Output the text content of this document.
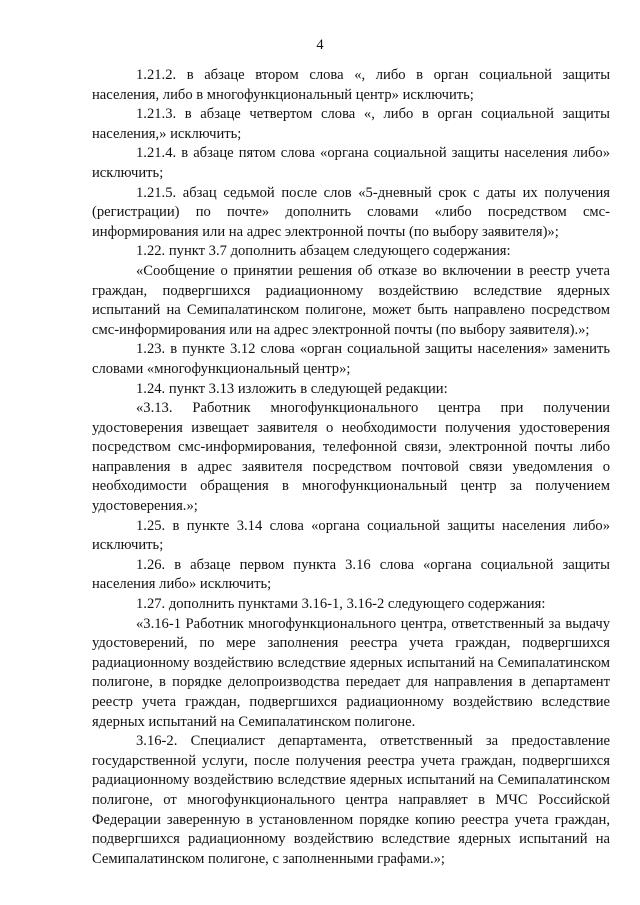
4

1.21.2. в абзаце втором слова «, либо в орган социальной защиты населения, либо в многофункциональный центр» исключить;

1.21.3. в абзаце четвертом слова «, либо в орган социальной защиты населения,» исключить;

1.21.4. в абзаце пятом слова «органа социальной защиты населения либо» исключить;

1.21.5. абзац седьмой после слов «5-дневный срок с даты их получения (регистрации) по почте» дополнить словами «либо посредством смс-информирования или на адрес электронной почты (по выбору заявителя)»;

1.22. пункт 3.7 дополнить абзацем следующего содержания:

«Сообщение о принятии решения об отказе во включении в реестр учета граждан, подвергшихся радиационному воздействию вследствие ядерных испытаний на Семипалатинском полигоне, может быть направлено посредством смс-информирования или на адрес электронной почты (по выбору заявителя).»;

1.23. в пункте 3.12 слова «орган социальной защиты населения» заменить словами «многофункциональный центр»;

1.24. пункт 3.13 изложить в следующей редакции:

«3.13. Работник многофункционального центра при получении удостоверения извещает заявителя о необходимости получения удостоверения посредством смс-информирования, телефонной связи, электронной почты либо направления в адрес заявителя посредством почтовой связи уведомления о необходимости обращения в многофункциональный центр за получением удостоверения.»;

1.25. в пункте 3.14 слова «органа социальной защиты населения либо» исключить;

1.26. в абзаце первом пункта 3.16 слова «органа социальной защиты населения либо» исключить;

1.27. дополнить пунктами 3.16-1, 3.16-2 следующего содержания:

«3.16-1 Работник многофункционального центра, ответственный за выдачу удостоверений, по мере заполнения реестра учета граждан, подвергшихся радиационному воздействию вследствие ядерных испытаний на Семипалатинском полигоне, в порядке делопроизводства передает для направления в департамент реестр учета граждан, подвергшихся радиационному воздействию вследствие ядерных испытаний на Семипалатинском полигоне.

3.16-2. Специалист департамента, ответственный за предоставление государственной услуги, после получения реестра учета граждан, подвергшихся радиационному воздействию вследствие ядерных испытаний на Семипалатинском полигоне, от многофункционального центра направляет в МЧС Российской Федерации заверенную в установленном порядке копию реестра учета граждан, подвергшихся радиационному воздействию вследствие ядерных испытаний на Семипалатинском полигоне, с заполненными графами.»;
